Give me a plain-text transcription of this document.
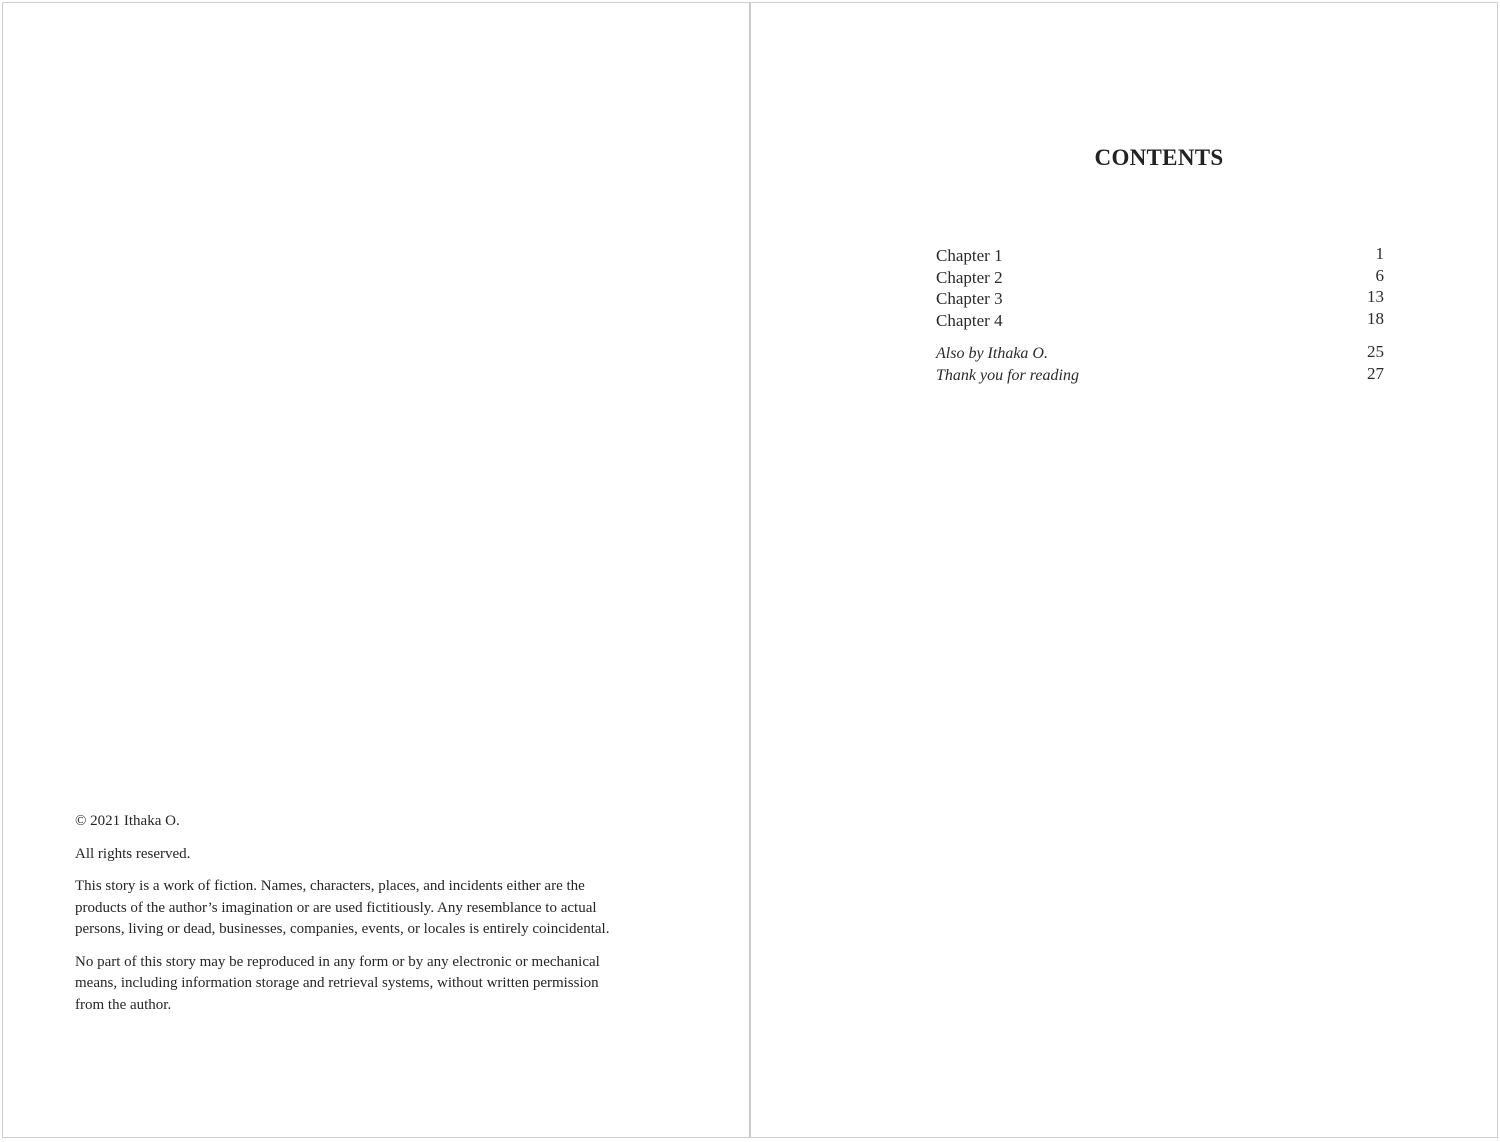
© 2021 Ithaka O.

All rights reserved.

This story is a work of fiction. Names, characters, places, and incidents either are the products of the author’s imagination or are used fictitiously. Any resemblance to actual persons, living or dead, businesses, companies, events, or locales is entirely coincidental.

No part of this story may be reproduced in any form or by any electronic or mechanical means, including information storage and retrieval systems, without written permission from the author.

CONTENTS
Chapter 1	1
Chapter 2	6
Chapter 3	13
Chapter 4	18
Also by Ithaka O.	25
Thank you for reading	27
